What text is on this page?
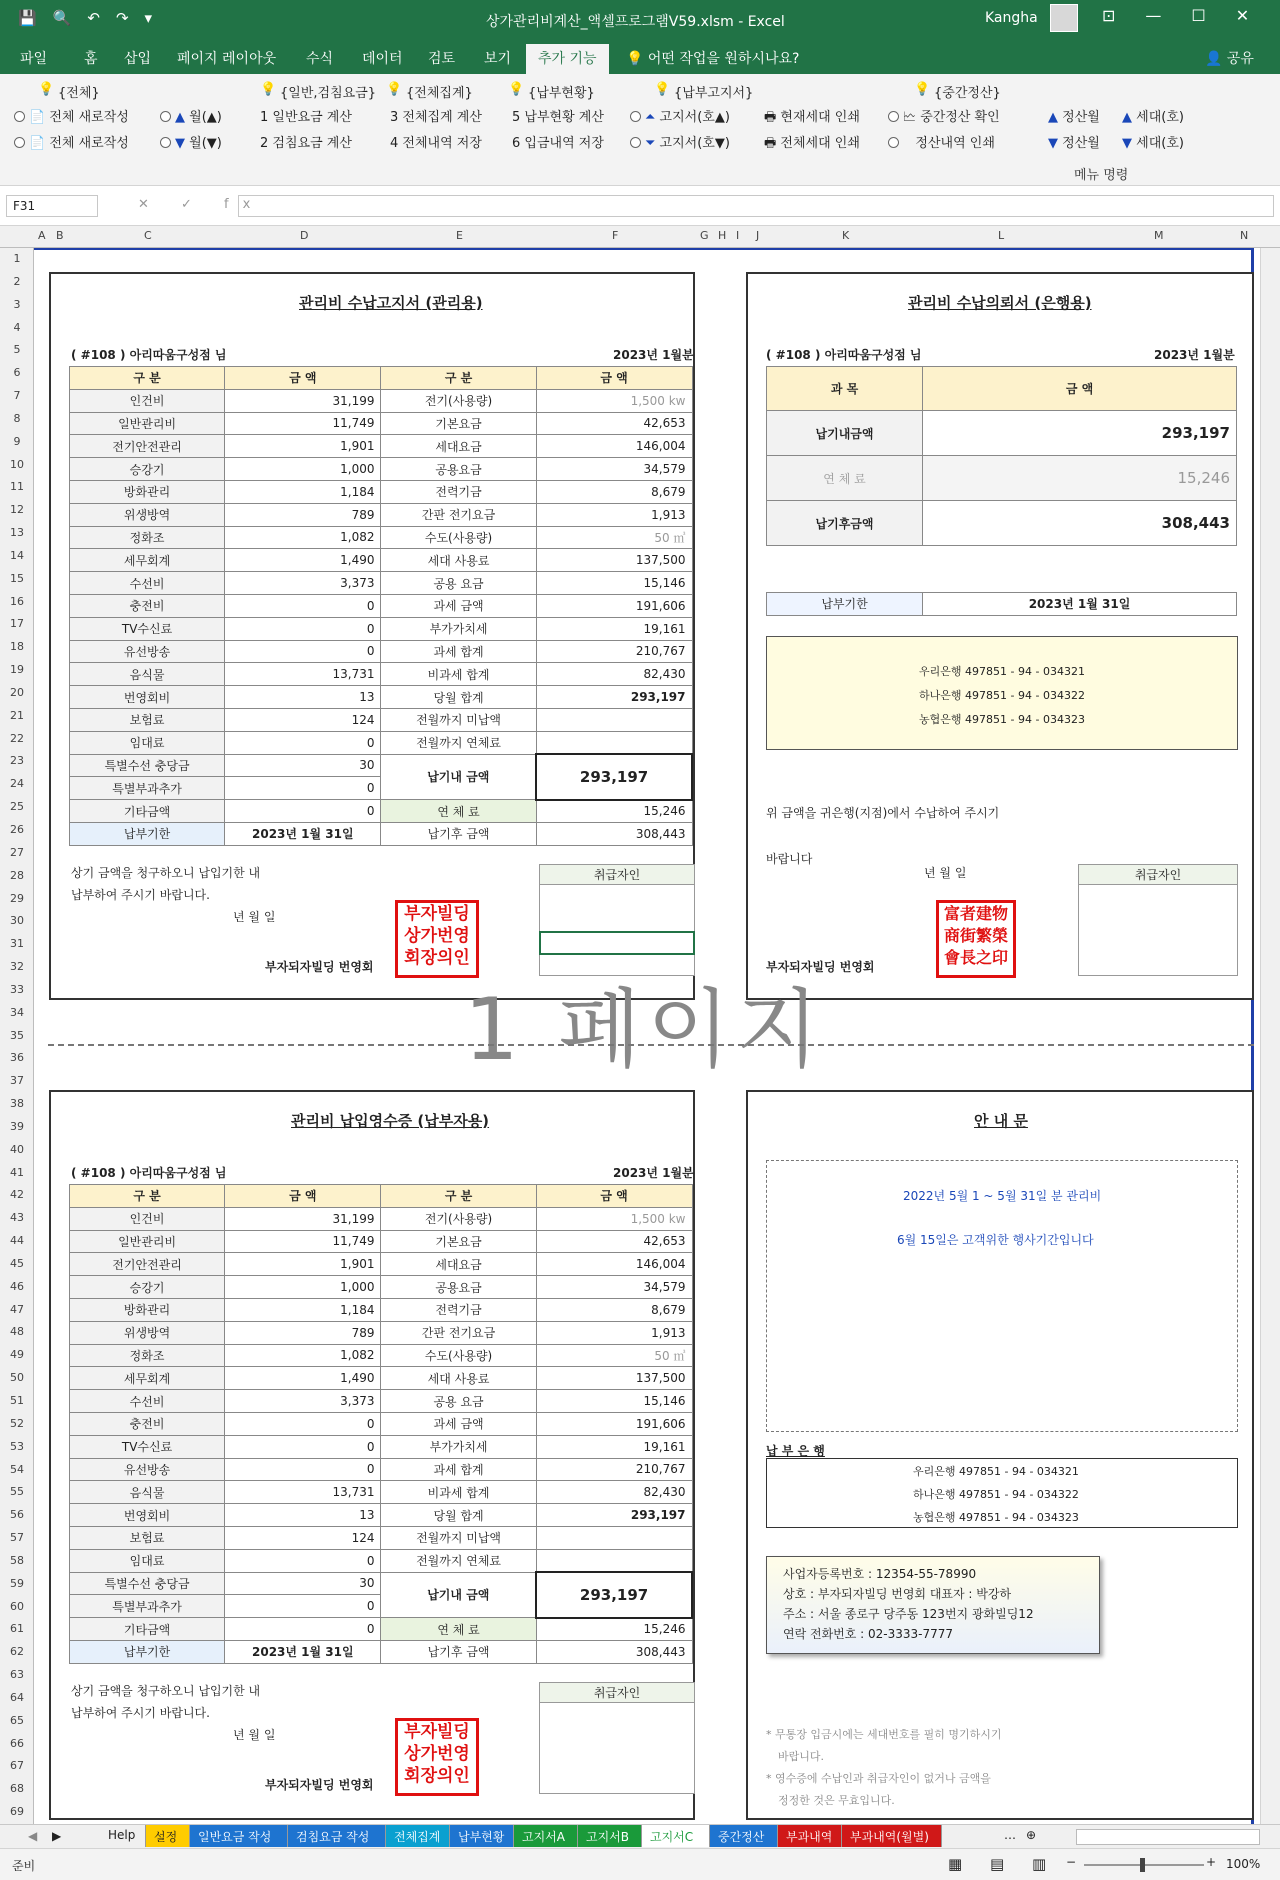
💾 🔍 ↶ ↷ ▾	상가관리비계산_액셀프로그램V59.xlsm - Excel	Kangha	⊡ — ☐ ✕
파일	홈 삽입 페이지 레이아웃 수식 데이터 검토 보기	추가 기능	💡 어떤 작업을 원하시나요?	👤 공유
💡 {전체}
📄 전체 새로작성
📄 전체 새로작성
💡 {일반,검침요금}
▲ 월(▲)
▼ 월(▼)
1 일반요금 계산
2 검침요금 계산
💡 {전체집계}
3 전체집계 계산
4 전체내역 저장
💡 {납부현황}
5 납부현황 계산
6 입금내역 저장
💡 {납부고지서}
⏶ 고지서(호▲)
⏷ 고지서(호▼)
🖶 현재세대 인쇄
🖶 전체세대 인쇄
💡 {중간정산}
🗠 중간정산 확인
정산내역 인쇄
▲ 정산월
▼ 정산월
▲ 세대(호)
▼ 세대(호)
메뉴 명령
F31	✕ ✓ fx
A B	C	D	E	F	G H I J	K	L	M	N
1
2
3
4
5
6
7
8
9
10
11
12
13
14
15
16
17
18
19
20
21
22
23
24
25
26
27
28
29
30
31
32
33
34
35
36
37
38
39
40
41
42
43
44
45
46
47
48
49
50
51
52
53
54
55
56
57
58
59
60
61
62
63
64
65
66
67
68
69
관리비 수납고지서 (관리용)
( #108 ) 아리따움구성점 님	2023년 1월분
구 분	금 액	구 분	금 액
인건비	31,199	전기(사용량)	1,500 kw
일반관리비	11,749	기본요금	42,653
전기안전관리	1,901	세대요금	146,004
승강기	1,000	공용요금	34,579
방화관리	1,184	전력기금	8,679
위생방역	789	간판 전기요금	1,913
정화조	1,082	수도(사용량)	50 ㎥
세무회계	1,490	세대 사용료	137,500
수선비	3,373	공용 요금	15,146
충전비	0	과세 금액	191,606
TV수신료	0	부가가치세	19,161
유선방송	0	과세 합계	210,767
음식물	13,731	비과세 합계	82,430
번영회비	13	당월 합계	293,197
보험료	124	전월까지 미납액	
임대료	0	전월까지 연체료	
특별수선 충당금	30	납기내 금액	293,197
특별부과추가	0		
기타금액	0	연 체 료	15,246
납부기한	2023년 1월 31일	납기후 금액	308,443
상기 금액을 청구하오니 납입기한 내
납부하여 주시기 바랍니다.
년 월 일
부자되자빌딩 번영회
부자빌딩
상가번영
회장의인
취급자인
관리비 수납의뢰서 (은행용)
( #108 ) 아리따움구성점 님	2023년 1월분
과 목	금 액
납기내금액	293,197
연 체 료	15,246
납기후금액	308,443
납부기한	2023년 1월 31일
우리은행 497851 - 94 - 034321
하나은행 497851 - 94 - 034322
농협은행 497851 - 94 - 034323
위 금액을 귀은행(지점)에서 수납하여 주시기
바랍니다
년 월 일
부자되자빌딩 번영회
富者建物
商街繁榮
會長之印
취급자인
1 페이지
관리비 납입영수증 (납부자용)
( #108 ) 아리따움구성점 님	2023년 1월분
구 분	금 액	구 분	금 액
인건비	31,199	전기(사용량)	1,500 kw
일반관리비	11,749	기본요금	42,653
전기안전관리	1,901	세대요금	146,004
승강기	1,000	공용요금	34,579
방화관리	1,184	전력기금	8,679
위생방역	789	간판 전기요금	1,913
정화조	1,082	수도(사용량)	50 ㎥
세무회계	1,490	세대 사용료	137,500
수선비	3,373	공용 요금	15,146
충전비	0	과세 금액	191,606
TV수신료	0	부가가치세	19,161
유선방송	0	과세 합계	210,767
음식물	13,731	비과세 합계	82,430
번영회비	13	당월 합계	293,197
보험료	124	전월까지 미납액	
임대료	0	전월까지 연체료	
특별수선 충당금	30	납기내 금액	293,197
특별부과추가	0		
기타금액	0	연 체 료	15,246
납부기한	2023년 1월 31일	납기후 금액	308,443
상기 금액을 청구하오니 납입기한 내
납부하여 주시기 바랍니다.
년 월 일
부자되자빌딩 번영회
부자빌딩
상가번영
회장의인
취급자인
안 내 문
2022년 5월 1 ~ 5월 31일 분 관리비
6월 15일은 고객위한 행사기간입니다
납 부 은 행
우리은행 497851 - 94 - 034321
하나은행 497851 - 94 - 034322
농협은행 497851 - 94 - 034323
사업자등록번호 : 12354-55-78990
상호 : 부자되자빌딩 번영회 대표자 : 박강하
주소 : 서울 종로구 당주동 123번지 광화빌딩12
연락 전화번호 : 02-3333-7777
* 무통장 입금시에는 세대번호를 필히 명기하시기
바랍니다.
* 영수증에 수납인과 취급자인이 없거나 금액을
정정한 것은 무효입니다.
◀ ▶	Help	설정	일반요금 작성	검침요금 작성	전체집계	납부현황	고지서A	고지서B	고지서C	중간정산	부과내역	부과내역(월별)	… ⊕
준비	▦ ▤ ▥ −	+ 100%
